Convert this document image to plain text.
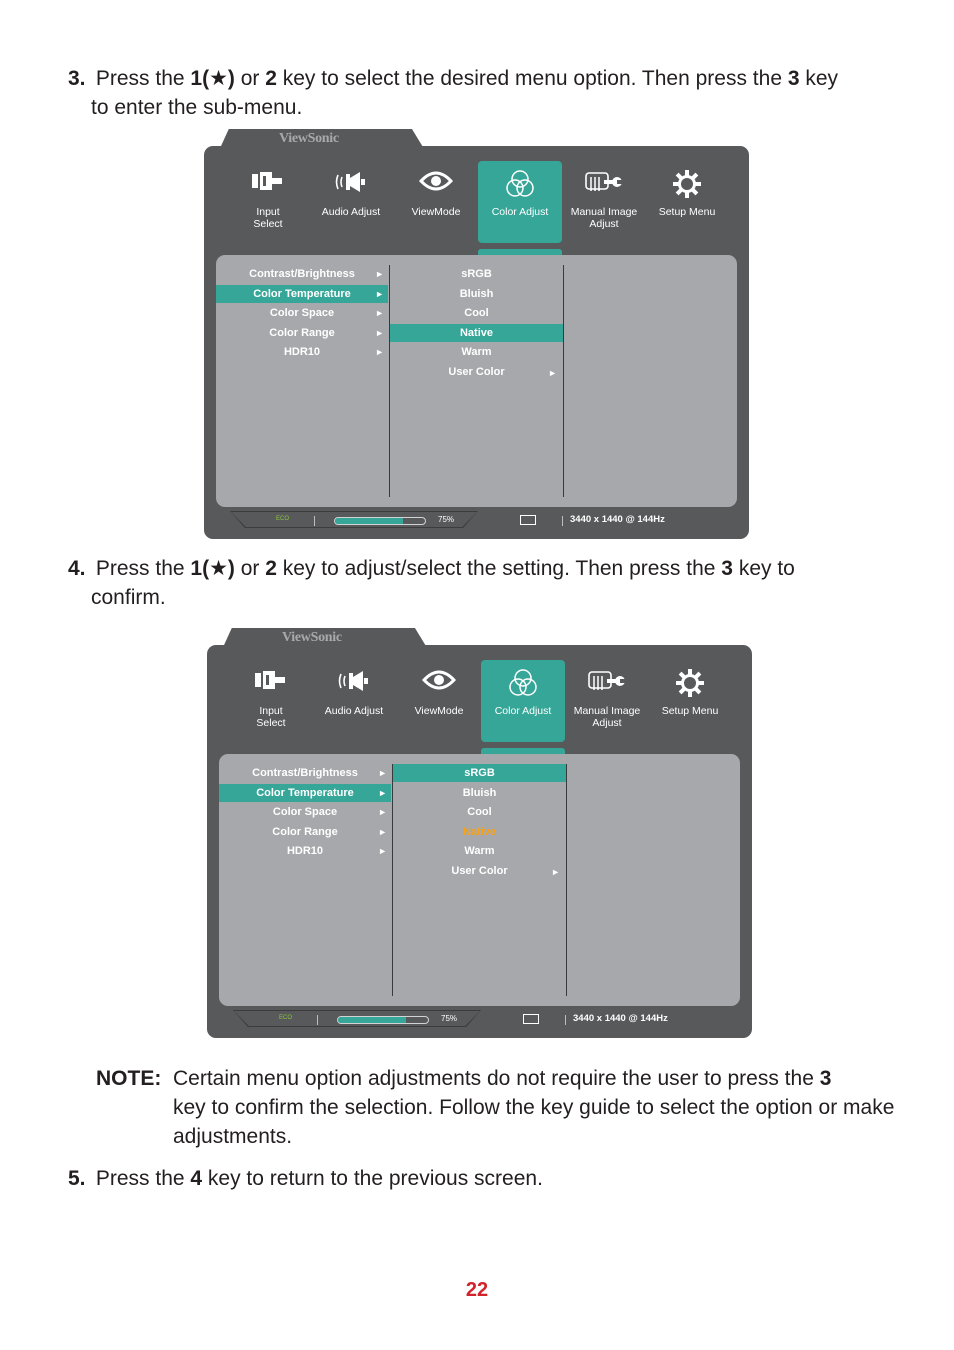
3. Press the 1(★) or 2 key to select the desired menu option. Then press the 3 key
to enter the sub-menu.
ViewSonic
Input
Select
Audio Adjust	ViewMode	Color Adjust	Manual Image
Adjust
Setup Menu

Contrast/Brightness	►
Color Temperature	►
Color Space	►
Color Range	►
HDR10	►
sRGB
Bluish
Cool
Native
Warm
User Color	►
ECO	75%	3440 x 1440 @ 144Hz
4. Press the 1(★) or 2 key to adjust/select the setting. Then press the 3 key to
confirm.
ViewSonic
Input
Select
Audio Adjust	ViewMode	Color Adjust	Manual Image
Adjust
Setup Menu

Contrast/Brightness	►
Color Temperature	►
Color Space	►
Color Range	►
HDR10	►
sRGB
Bluish
Cool
Native
Warm
User Color	►
ECO	75%	3440 x 1440 @ 144Hz
NOTE: Certain menu option adjustments do not require the user to press the 3
key to confirm the selection. Follow the key guide to select the option or make adjustments.
5. Press the 4 key to return to the previous screen.
22
